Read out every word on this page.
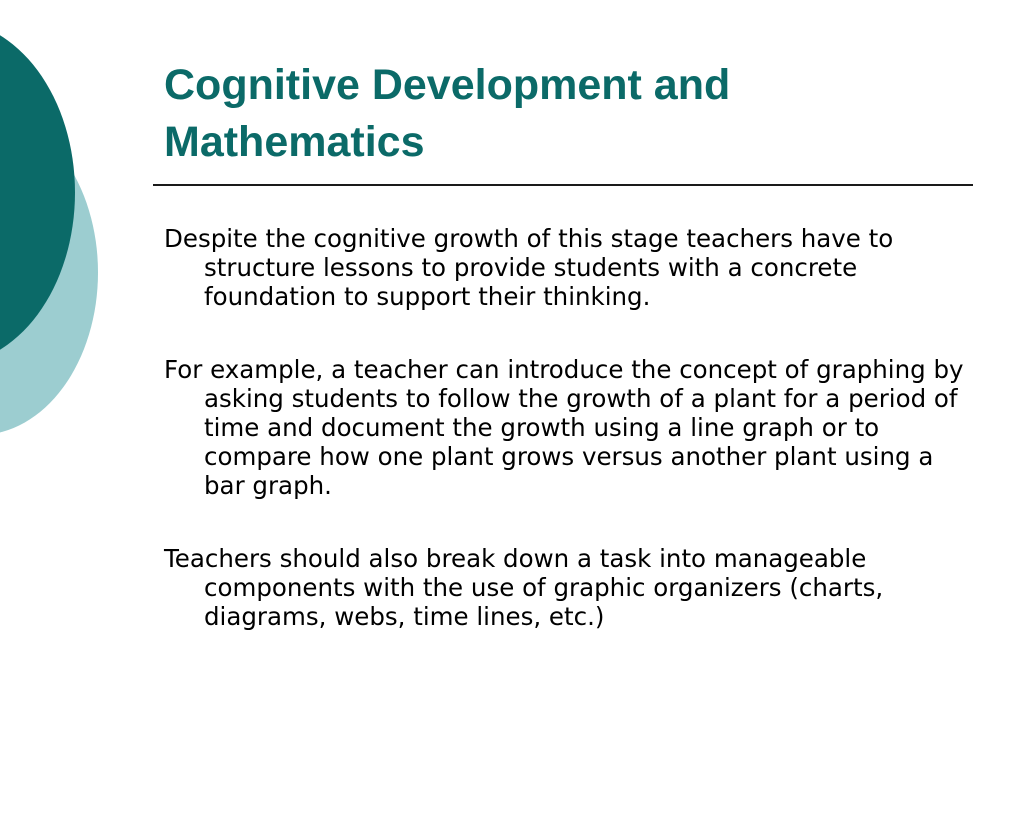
Cognitive Development and Mathematics

Despite the cognitive growth of this stage teachers have to structure lessons to provide students with a concrete foundation to support their thinking.

For example, a teacher can introduce the concept of graphing by asking students to follow the growth of a plant for a period of time and document the growth using a line graph or to compare how one plant grows versus another plant using a bar graph.

Teachers should also break down a task into manageable components with the use of graphic organizers (charts, diagrams, webs, time lines, etc.)
